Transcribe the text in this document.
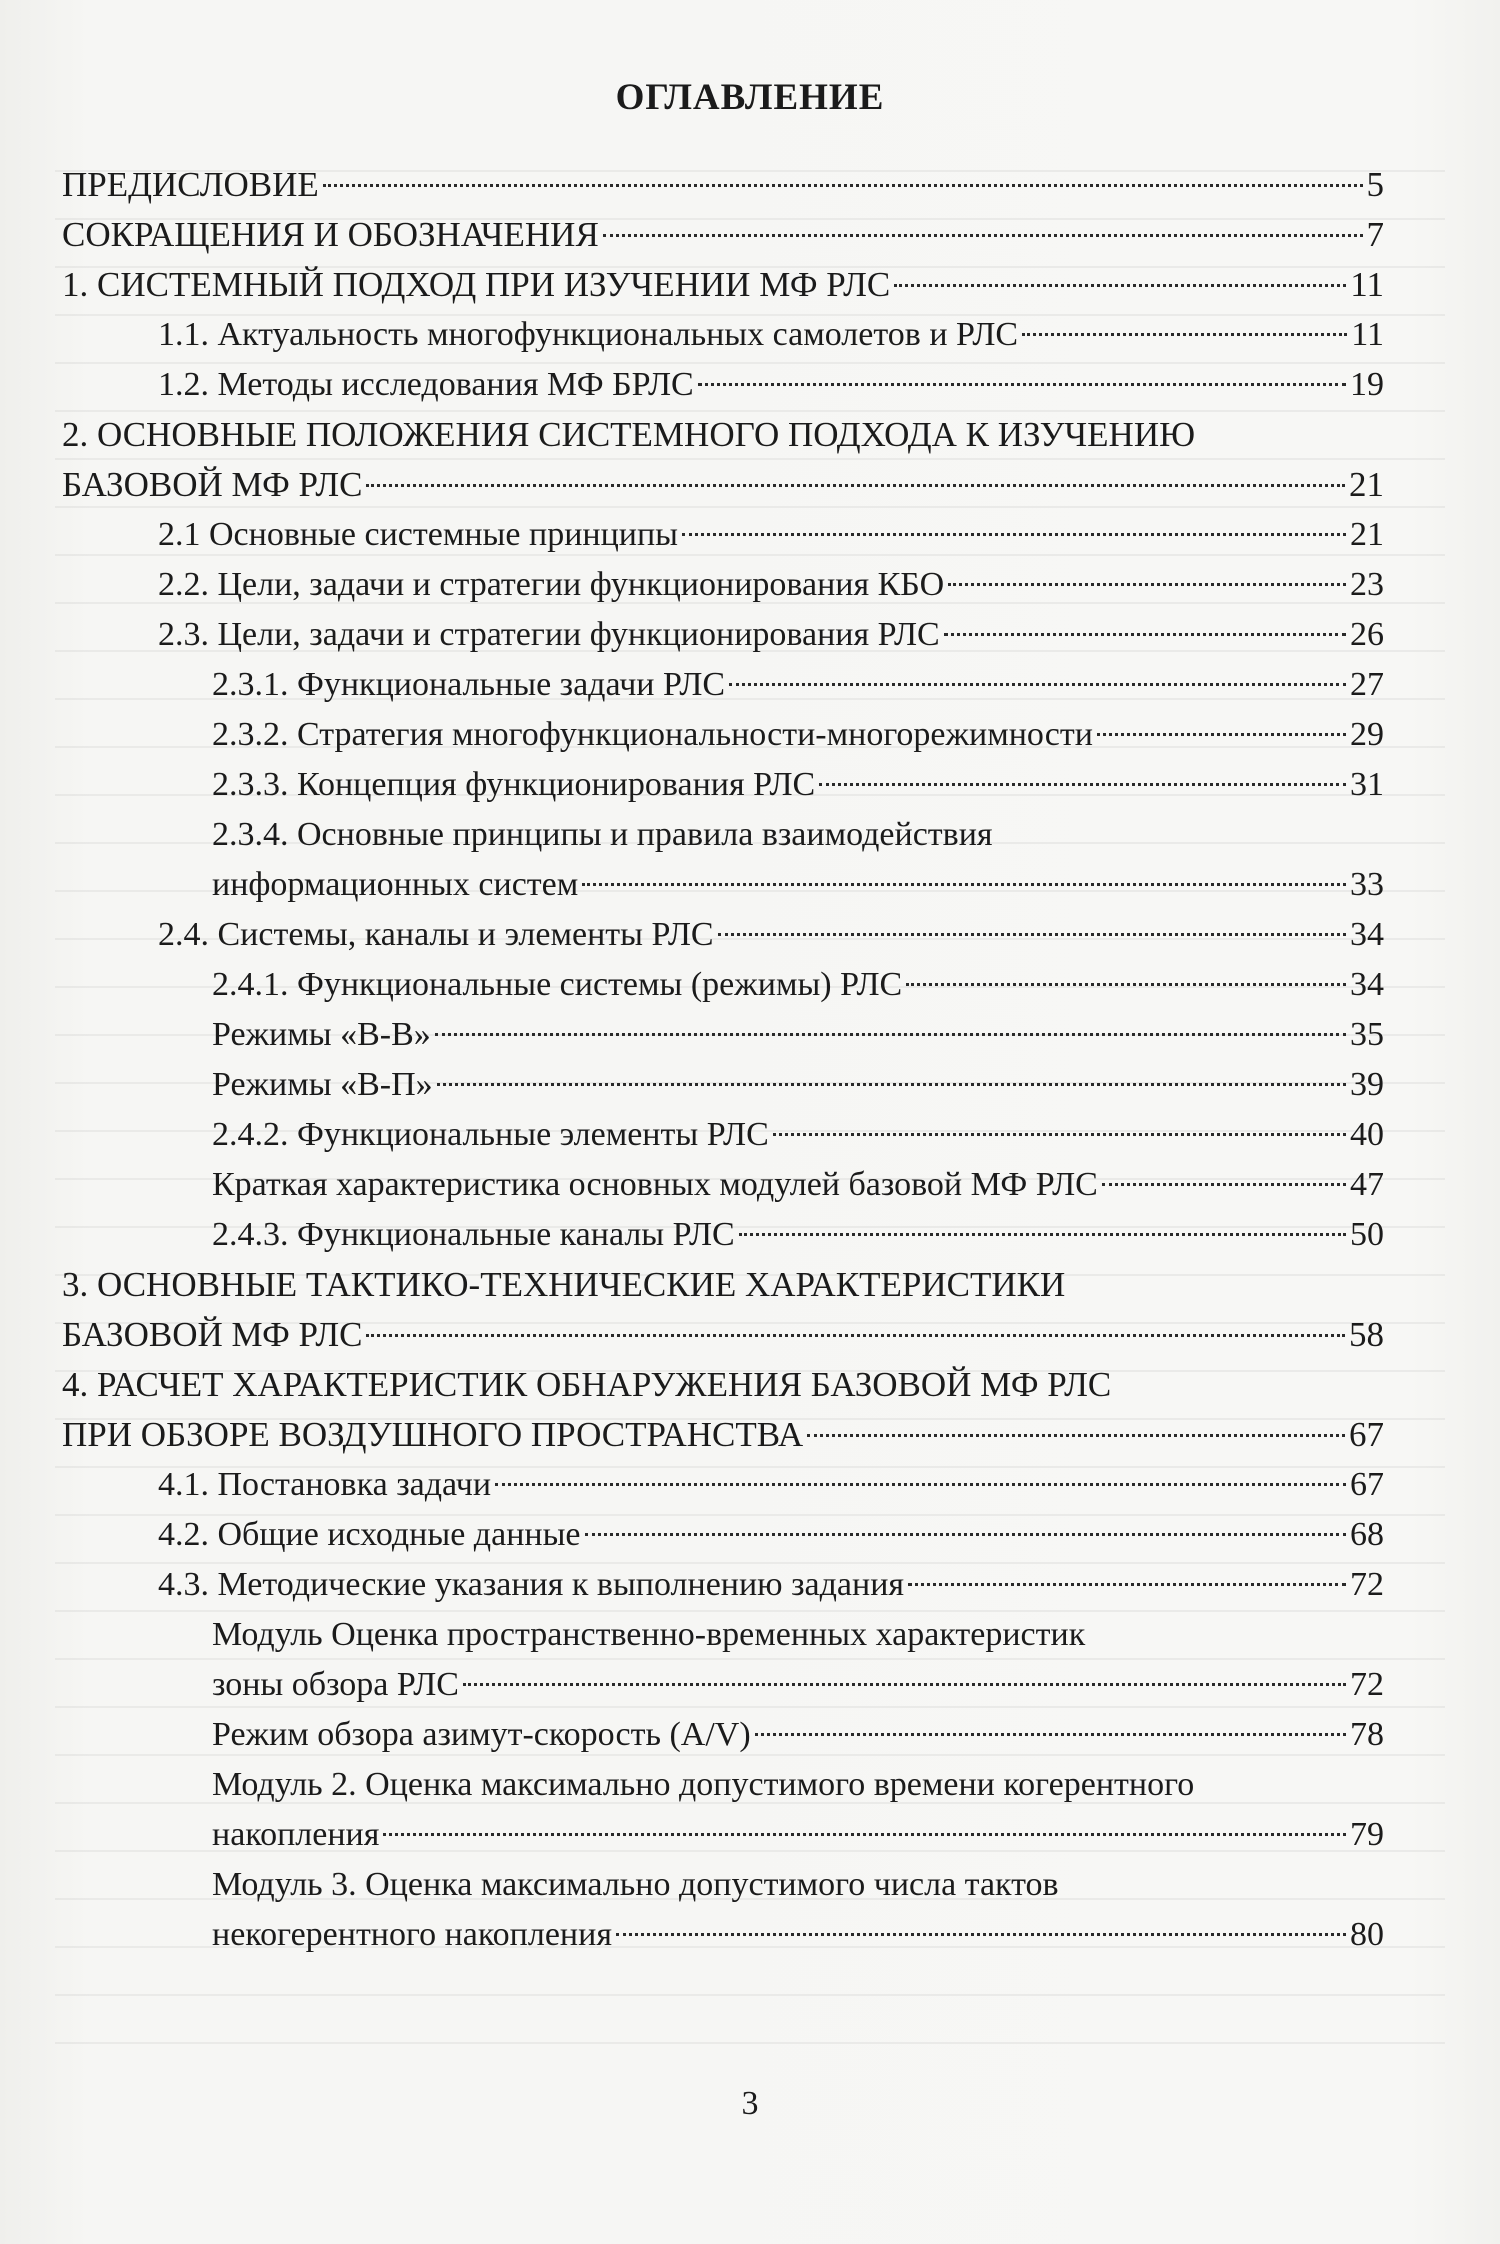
ОГЛАВЛЕНИЕ
ПРЕДИСЛОВИЕ	5
СОКРАЩЕНИЯ И ОБОЗНАЧЕНИЯ	7
1. СИСТЕМНЫЙ ПОДХОД ПРИ ИЗУЧЕНИИ МФ РЛС	11
1.1. Актуальность многофункциональных самолетов и РЛС	11
1.2. Методы исследования МФ БРЛС	19
2. ОСНОВНЫЕ ПОЛОЖЕНИЯ СИСТЕМНОГО ПОДХОДА К ИЗУЧЕНИЮ
БАЗОВОЙ МФ РЛС	21
2.1 Основные системные принципы	21
2.2. Цели, задачи и стратегии функционирования КБО	23
2.3. Цели, задачи и стратегии функционирования РЛС	26
2.3.1. Функциональные задачи РЛС	27
2.3.2. Стратегия многофункциональности-многорежимности	29
2.3.3. Концепция функционирования РЛС	31
2.3.4. Основные принципы и правила взаимодействия
информационных систем	33
2.4. Системы, каналы и элементы РЛС	34
2.4.1. Функциональные системы (режимы) РЛС	34
Режимы «В-В»	35
Режимы «В-П»	39
2.4.2. Функциональные элементы РЛС	40
Краткая характеристика основных модулей базовой МФ РЛС	47
2.4.3. Функциональные каналы РЛС	50
3. ОСНОВНЫЕ ТАКТИКО-ТЕХНИЧЕСКИЕ ХАРАКТЕРИСТИКИ
БАЗОВОЙ МФ РЛС	58
4. РАСЧЕТ ХАРАКТЕРИСТИК ОБНАРУЖЕНИЯ БАЗОВОЙ МФ РЛС
ПРИ ОБЗОРЕ ВОЗДУШНОГО ПРОСТРАНСТВА	67
4.1. Постановка задачи	67
4.2. Общие исходные данные	68
4.3. Методические указания к выполнению задания	72
Модуль Оценка пространственно-временных характеристик
зоны обзора РЛС	72
Режим обзора азимут-скорость (A/V)	78
Модуль 2. Оценка максимально допустимого времени когерентного
накопления	79
Модуль 3. Оценка максимально допустимого числа тактов
некогерентного накопления	80
3
